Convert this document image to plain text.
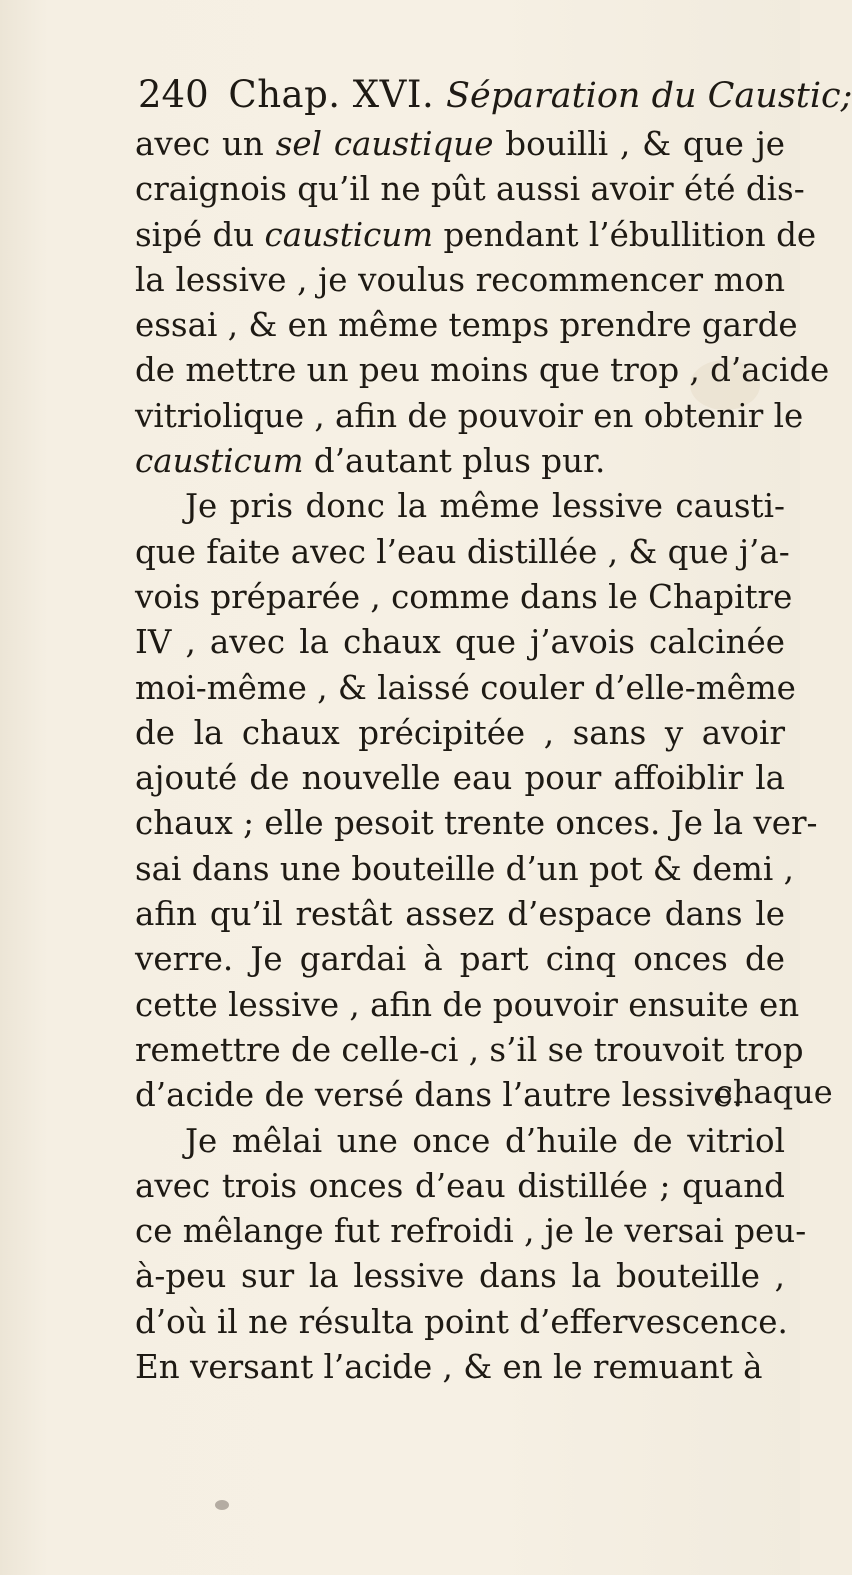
240 Chap. XVI. Séparation du Caustic;
avec un sel caustique bouilli , & que je
craignois qu’il ne pût aussi avoir été dis-
sipé du causticum pendant l’ébullition de
la lessive , je voulus recommencer mon
essai , & en même temps prendre garde
de mettre un peu moins que trop , d’acide
vitriolique , afin de pouvoir en obtenir le
causticum d’autant plus pur.
Je pris donc la même lessive causti-
que faite avec l’eau distillée , & que j’a-
vois préparée , comme dans le Chapitre
IV , avec la chaux que j’avois calcinée
moi-même , & laissé couler d’elle-même
de la chaux précipitée , sans y avoir
ajouté de nouvelle eau pour affoiblir la
chaux ; elle pesoit trente onces. Je la ver-
sai dans une bouteille d’un pot & demi ,
afin qu’il restât assez d’espace dans le
verre. Je gardai à part cinq onces de
cette lessive , afin de pouvoir ensuite en
remettre de celle-ci , s’il se trouvoit trop
d’acide de versé dans l’autre lessive.
Je mêlai une once d’huile de vitriol
avec trois onces d’eau distillée ; quand
ce mêlange fut refroidi , je le versai peu-
à-peu sur la lessive dans la bouteille ,
d’où il ne résulta point d’effervescence.
En versant l’acide , & en le remuant à
chaque
